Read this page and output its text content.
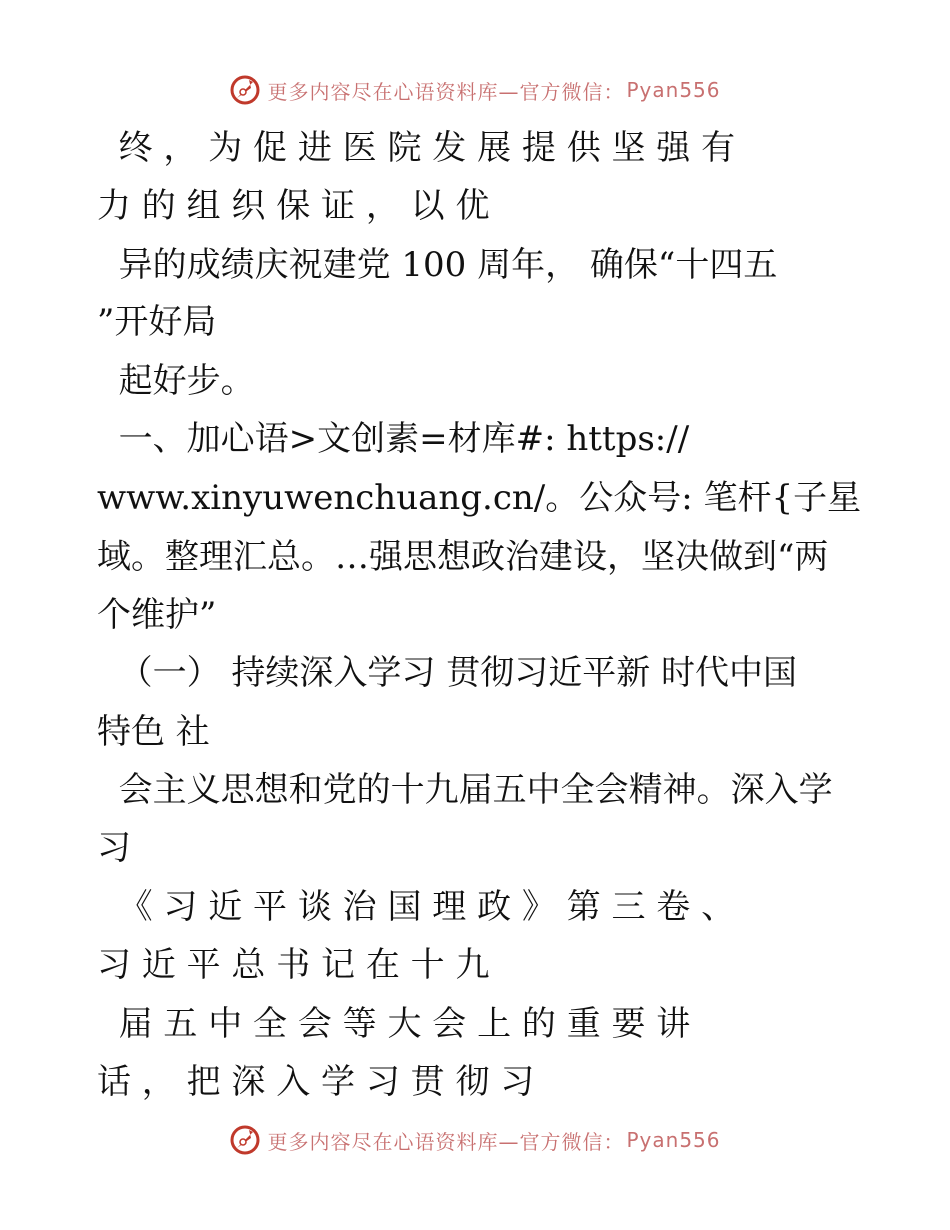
更多内容尽在心语资料库—官方微信： Pyan556
终 ， 为 促 进 医 院 发 展 提 供 坚 强 有
力 的 组 织 保 证 ， 以 优
异的成绩庆祝建党 100 周年， 确保“十四五
”开好局
起好步。
一、加心语>文创素=材库#: https://
www.xinyuwenchuang.cn/。公众号: 笔杆{子星
域。整理汇总。…强思想政治建设，坚决做到“两
个维护”
（一） 持续深入学习 贯彻习近平新 时代中国
特色 社
会主义思想和党的十九届五中全会精神。深入学
习
《 习 近 平 谈 治 国 理 政 》 第 三 卷 、
习 近 平 总 书 记 在 十 九
届 五 中 全 会 等 大 会 上 的 重 要 讲
话 ， 把 深 入 学 习 贯 彻 习
更多内容尽在心语资料库—官方微信： Pyan556
